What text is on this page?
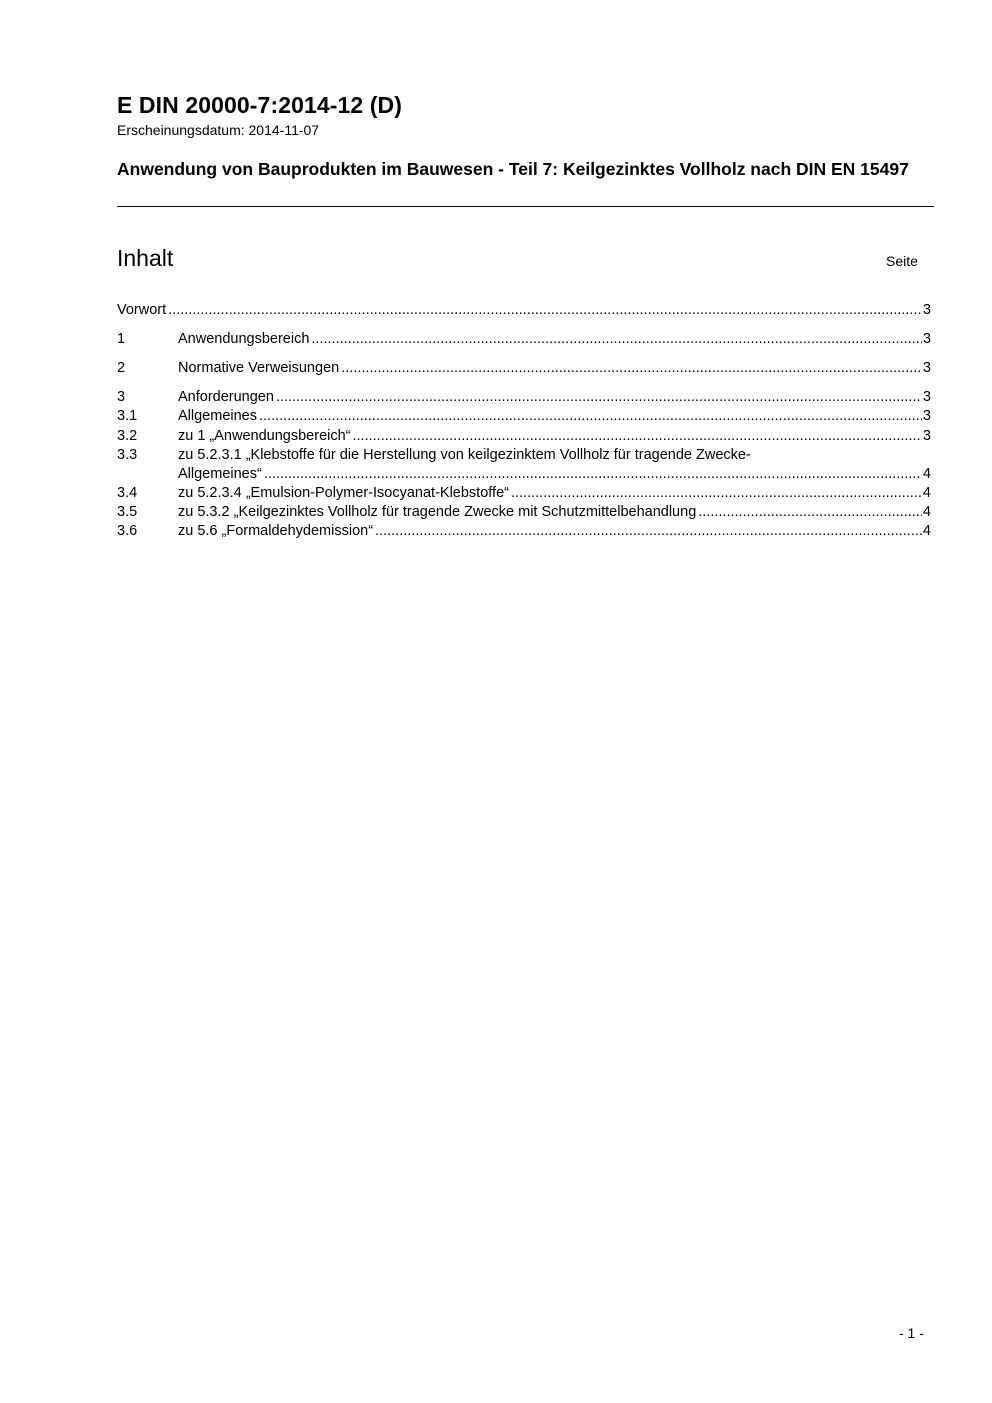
E DIN 20000-7:2014-12 (D)
Erscheinungsdatum: 2014-11-07
Anwendung von Bauprodukten im Bauwesen - Teil 7: Keilgezinktes Vollholz nach DIN EN 15497
Inhalt	Seite
Vorwort .....	3
1	Anwendungsbereich .....	3
2	Normative Verweisungen .....	3
3	Anforderungen .....	3
3.1	Allgemeines .....	3
3.2	zu 1 „Anwendungsbereich“ .....	3
3.3	zu 5.2.3.1 „Klebstoffe für die Herstellung von keilgezinktem Vollholz für tragende Zwecke-
Allgemeines“ .....	4
3.4	zu 5.2.3.4 „Emulsion-Polymer-Isocyanat-Klebstoffe“ .....	4
3.5	zu 5.3.2 „Keilgezinktes Vollholz für tragende Zwecke mit Schutzmittelbehandlung .....	4
3.6	zu 5.6 „Formaldehydemission“ .....	4
- 1 -
